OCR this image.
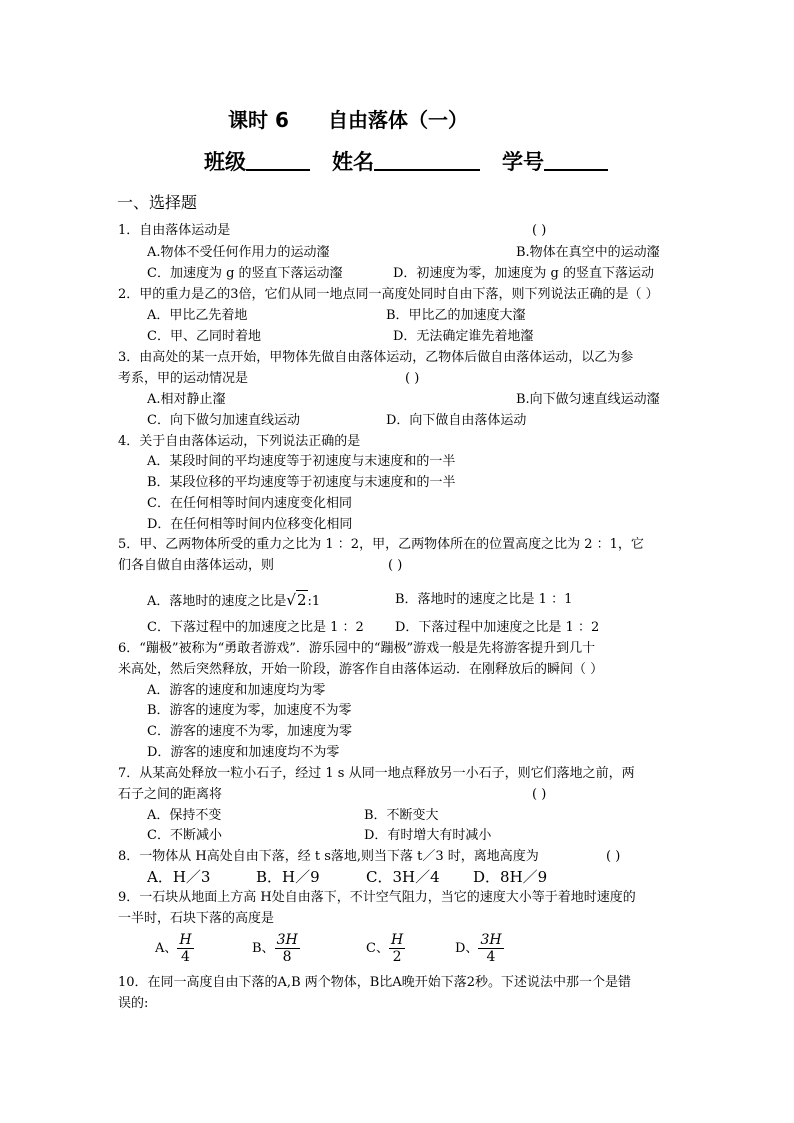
课时 6 自由落体（一）
班级	姓名	学号
一、选择题
1．自由落体运动是	( )
A.物体不受任何作用力的运动瀣	B.物体在真空中的运动瀣
C．加速度为 g 的竖直下落运动瀣	D．初速度为零，加速度为 g 的竖直下落运动
2．甲的重力是乙的3倍，它们从同一地点同一高度处同时自由下落，则下列说法正确的是（ ）
A．甲比乙先着地	B．甲比乙的加速度大瀣
C．甲、乙同时着地	D．无法确定谁先着地瀣
3．由高处的某一点开始，甲物体先做自由落体运动，乙物体后做自由落体运动，以乙为参
考系，甲的运动情况是	( )
A.相对静止瀣	B.向下做匀速直线运动瀣
C．向下做匀加速直线运动	D．向下做自由落体运动
4．关于自由落体运动，下列说法正确的是
A．某段时间的平均速度等于初速度与末速度和的一半
B．某段位移的平均速度等于初速度与末速度和的一半
C．在任何相等时间内速度变化相同
D．在任何相等时间内位移变化相同
5．甲、乙两物体所受的重力之比为 1 ：2，甲，乙两物体所在的位置高度之比为 2 ：1，它
们各自做自由落体运动，则	( )
A．落地时的速度之比是√2:1	B．落地时的速度之比是 1 ：1
C．下落过程中的加速度之比是 1 ：2 D．下落过程中加速度之比是 1 ：2
6．“蹦极”被称为“勇敢者游戏”．游乐园中的“蹦极”游戏一般是先将游客提升到几十
米高处，然后突然释放，开始一阶段，游客作自由落体运动．在刚释放后的瞬间（ ）
A．游客的速度和加速度均为零
B．游客的速度为零，加速度不为零
C．游客的速度不为零，加速度为零
D．游客的速度和加速度均不为零
7．从某高处释放一粒小石子，经过 1 s 从同一地点释放另一小石子，则它们落地之前，两
石子之间的距离将	( )
A．保持不变	B．不断变大
C．不断减小	D．有时增大有时减小
8．一物体从 H高处自由下落，经 t s落地,则当下落 t／3 时，离地高度为	( )
A．H／3	B．H／9	C．3H／4 D．8H／9
9．一石块从地面上方高 H处自由落下，不计空气阻力，当它的速度大小等于着地时速度的
一半时，石块下落的高度是
A、 $\frac{H}{4}$	B、 $\frac{3H}{8}$	C、 $\frac{H}{2}$	D、 $\frac{3H}{4}$
10．在同一高度自由下落的A,B 两个物体，B比A晚开始下落2秒。下述说法中那一个是错
误的:
